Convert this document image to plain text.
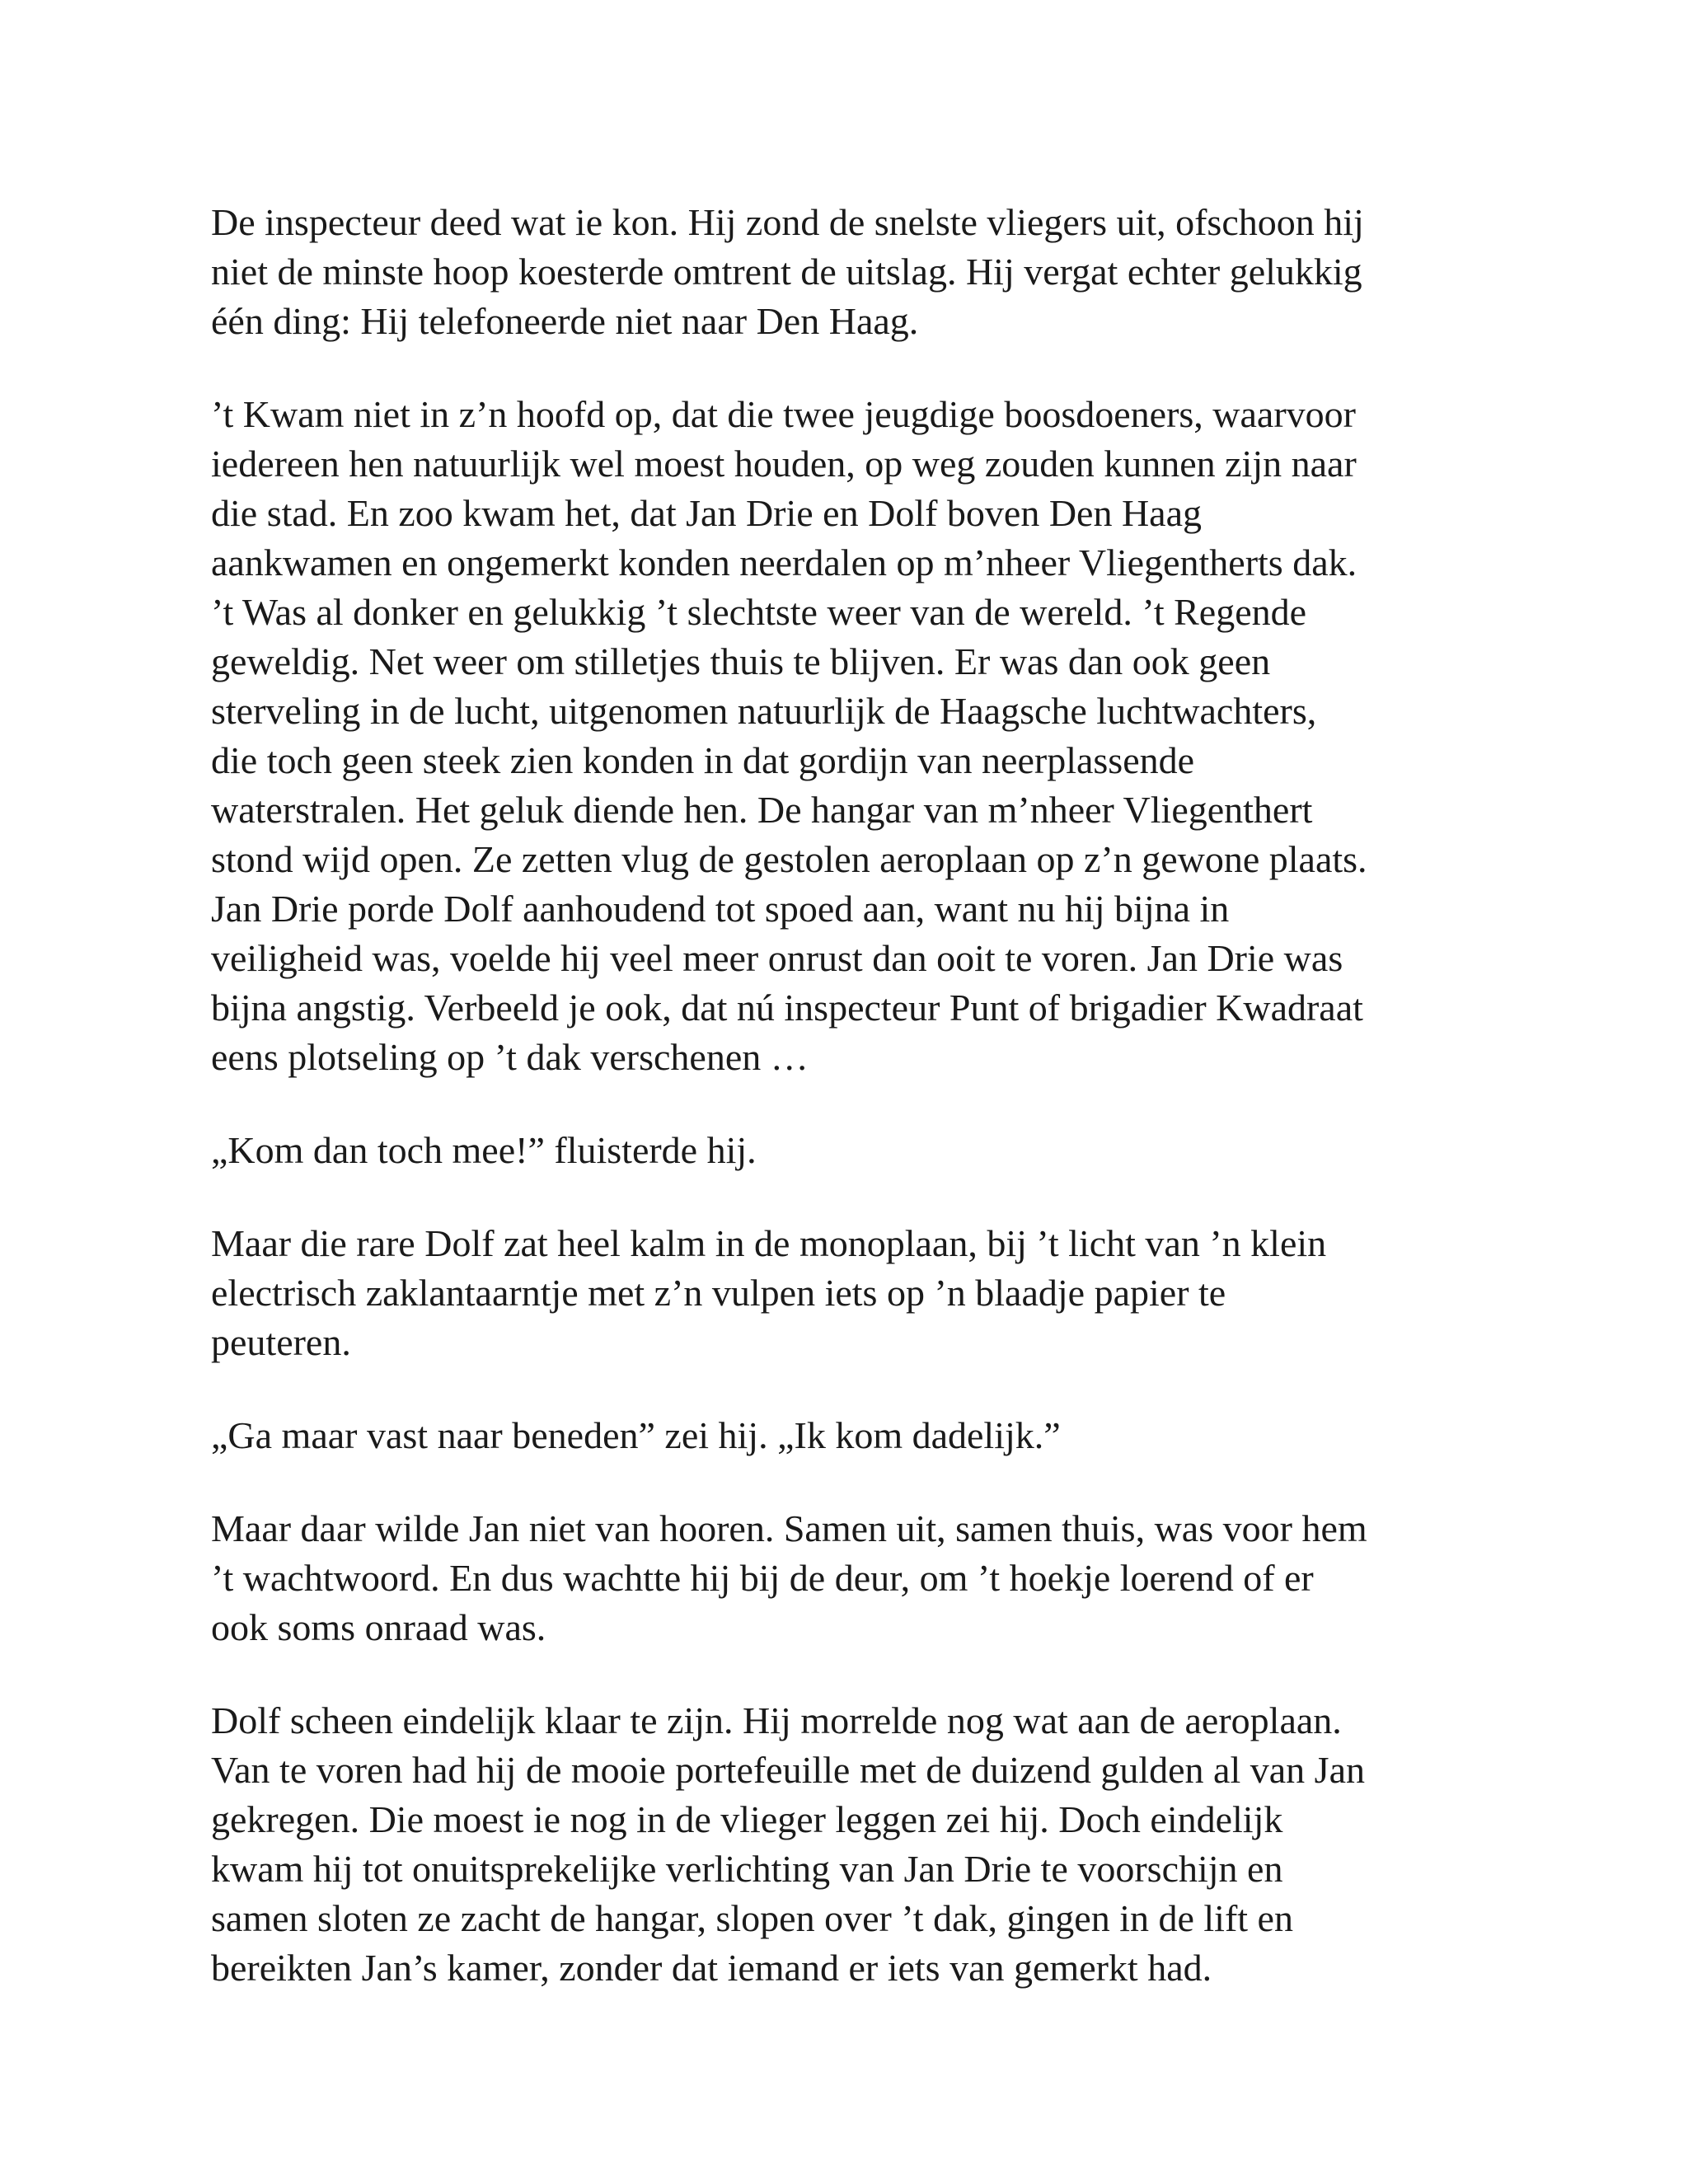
De inspecteur deed wat ie kon. Hij zond de snelste vliegers uit, ofschoon hij
niet de minste hoop koesterde omtrent de uitslag. Hij vergat echter gelukkig
één ding: Hij telefoneerde niet naar Den Haag.

’t Kwam niet in z’n hoofd op, dat die twee jeugdige boosdoeners, waarvoor
iedereen hen natuurlijk wel moest houden, op weg zouden kunnen zijn naar
die stad. En zoo kwam het, dat Jan Drie en Dolf boven Den Haag
aankwamen en ongemerkt konden neerdalen op m’nheer Vliegentherts dak.
’t Was al donker en gelukkig ’t slechtste weer van de wereld. ’t Regende
geweldig. Net weer om stilletjes thuis te blijven. Er was dan ook geen
sterveling in de lucht, uitgenomen natuurlijk de Haagsche luchtwachters,
die toch geen steek zien konden in dat gordijn van neerplassende
waterstralen. Het geluk diende hen. De hangar van m’nheer Vliegenthert
stond wijd open. Ze zetten vlug de gestolen aeroplaan op z’n gewone plaats.
Jan Drie porde Dolf aanhoudend tot spoed aan, want nu hij bijna in
veiligheid was, voelde hij veel meer onrust dan ooit te voren. Jan Drie was
bijna angstig. Verbeeld je ook, dat nú inspecteur Punt of brigadier Kwadraat
eens plotseling op ’t dak verschenen …

„Kom dan toch mee!” fluisterde hij.

Maar die rare Dolf zat heel kalm in de monoplaan, bij ’t licht van ’n klein
electrisch zaklantaarntje met z’n vulpen iets op ’n blaadje papier te
peuteren.

„Ga maar vast naar beneden” zei hij. „Ik kom dadelijk.”

Maar daar wilde Jan niet van hooren. Samen uit, samen thuis, was voor hem
’t wachtwoord. En dus wachtte hij bij de deur, om ’t hoekje loerend of er
ook soms onraad was.

Dolf scheen eindelijk klaar te zijn. Hij morrelde nog wat aan de aeroplaan.
Van te voren had hij de mooie portefeuille met de duizend gulden al van Jan
gekregen. Die moest ie nog in de vlieger leggen zei hij. Doch eindelijk
kwam hij tot onuitsprekelijke verlichting van Jan Drie te voorschijn en
samen sloten ze zacht de hangar, slopen over ’t dak, gingen in de lift en
bereikten Jan’s kamer, zonder dat iemand er iets van gemerkt had.
